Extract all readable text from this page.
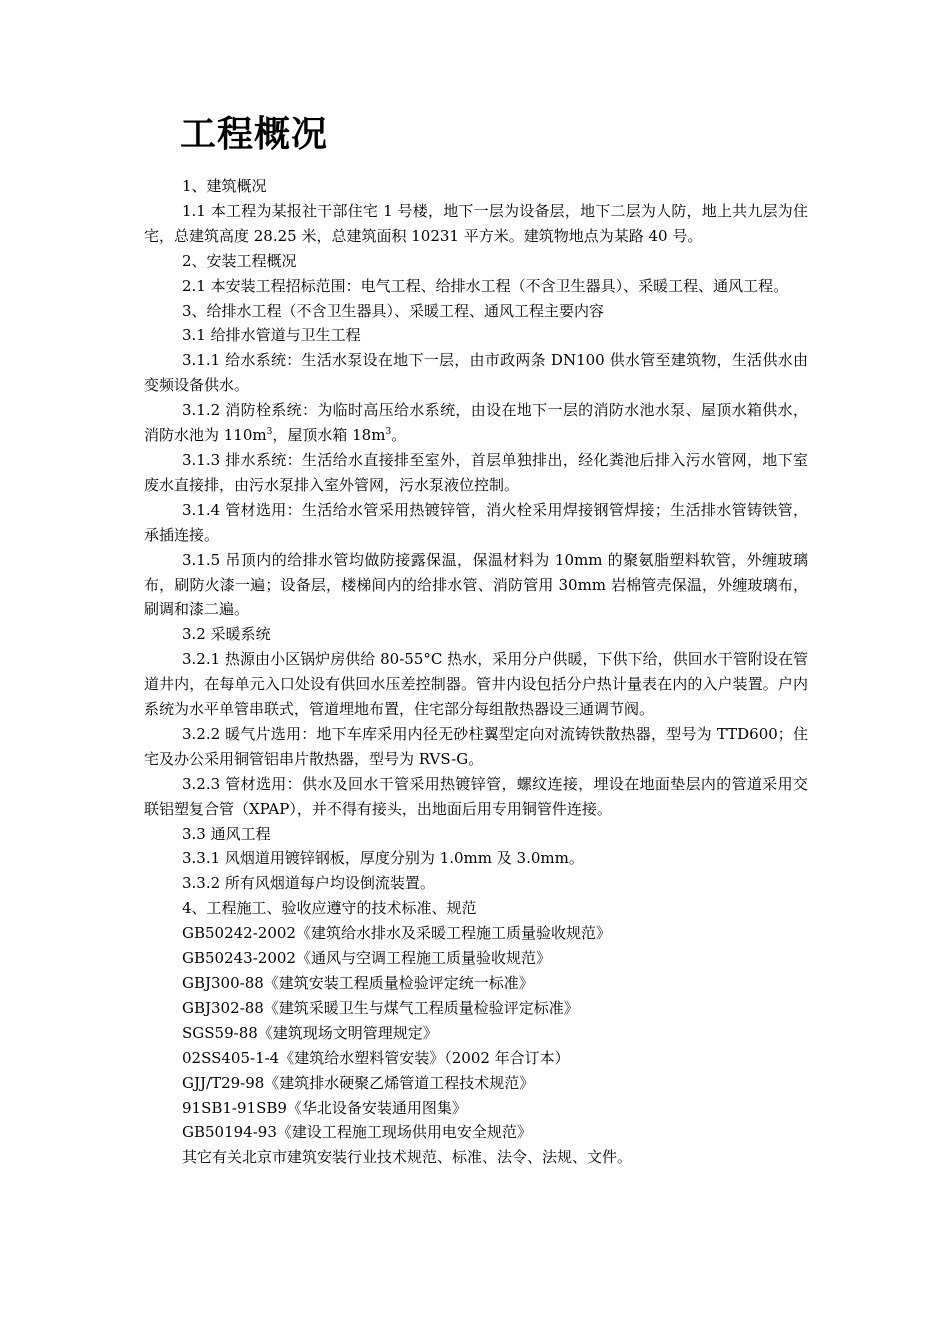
工程概况

1、建筑概况

1.1 本工程为某报社干部住宅 1 号楼，地下一层为设备层，地下二层为人防，地上共九层为住宅，总建筑高度 28.25 米，总建筑面积 10231 平方米。建筑物地点为某路 40 号。

2、安装工程概况

2.1 本安装工程招标范围：电气工程、给排水工程（不含卫生器具）、采暖工程、通风工程。

3、给排水工程（不含卫生器具）、采暖工程、通风工程主要内容

3.1 给排水管道与卫生工程

3.1.1 给水系统：生活水泵设在地下一层，由市政两条 DN100 供水管至建筑物，生活供水由变频设备供水。

3.1.2 消防栓系统：为临时高压给水系统，由设在地下一层的消防水池水泵、屋顶水箱供水，消防水池为 $110m^3$，屋顶水箱 $18m^3$。

3.1.3 排水系统：生活给水直接排至室外，首层单独排出，经化粪池后排入污水管网，地下室废水直接排，由污水泵排入室外管网，污水泵液位控制。

3.1.4 管材选用：生活给水管采用热镀锌管，消火栓采用焊接钢管焊接；生活排水管铸铁管，承插连接。

3.1.5 吊顶内的给排水管均做防接露保温，保温材料为 10mm 的聚氨脂塑料软管，外缠玻璃布，刷防火漆一遍；设备层，楼梯间内的给排水管、消防管用 30mm 岩棉管壳保温，外缠玻璃布，刷调和漆二遍。

3.2 采暖系统

3.2.1 热源由小区锅炉房供给 80-55°C 热水，采用分户供暖，下供下给，供回水干管附设在管道井内，在每单元入口处设有供回水压差控制器。管井内设包括分户热计量表在内的入户装置。户内系统为水平单管串联式，管道埋地布置，住宅部分每组散热器设三通调节阀。

3.2.2 暖气片选用：地下车库采用内径无砂柱翼型定向对流铸铁散热器，型号为 TTD600；住宅及办公采用铜管铝串片散热器，型号为 RVS-G。

3.2.3 管材选用：供水及回水干管采用热镀锌管，螺纹连接，埋设在地面垫层内的管道采用交联铝塑复合管（XPAP），并不得有接头，出地面后用专用铜管件连接。

3.3 通风工程

3.3.1 风烟道用镀锌钢板，厚度分别为 1.0mm 及 3.0mm。

3.3.2 所有风烟道每户均设倒流装置。

4、工程施工、验收应遵守的技术标准、规范

GB50242-2002《建筑给水排水及采暖工程施工质量验收规范》

GB50243-2002《通风与空调工程施工质量验收规范》

GBJ300-88《建筑安装工程质量检验评定统一标准》

GBJ302-88《建筑采暖卫生与煤气工程质量检验评定标准》

SGS59-88《建筑现场文明管理规定》

02SS405-1-4《建筑给水塑料管安装》（2002 年合订本）

GJJ/T29-98《建筑排水硬聚乙烯管道工程技术规范》

91SB1-91SB9《华北设备安装通用图集》

GB50194-93《建设工程施工现场供用电安全规范》

其它有关北京市建筑安装行业技术规范、标准、法令、法规、文件。
